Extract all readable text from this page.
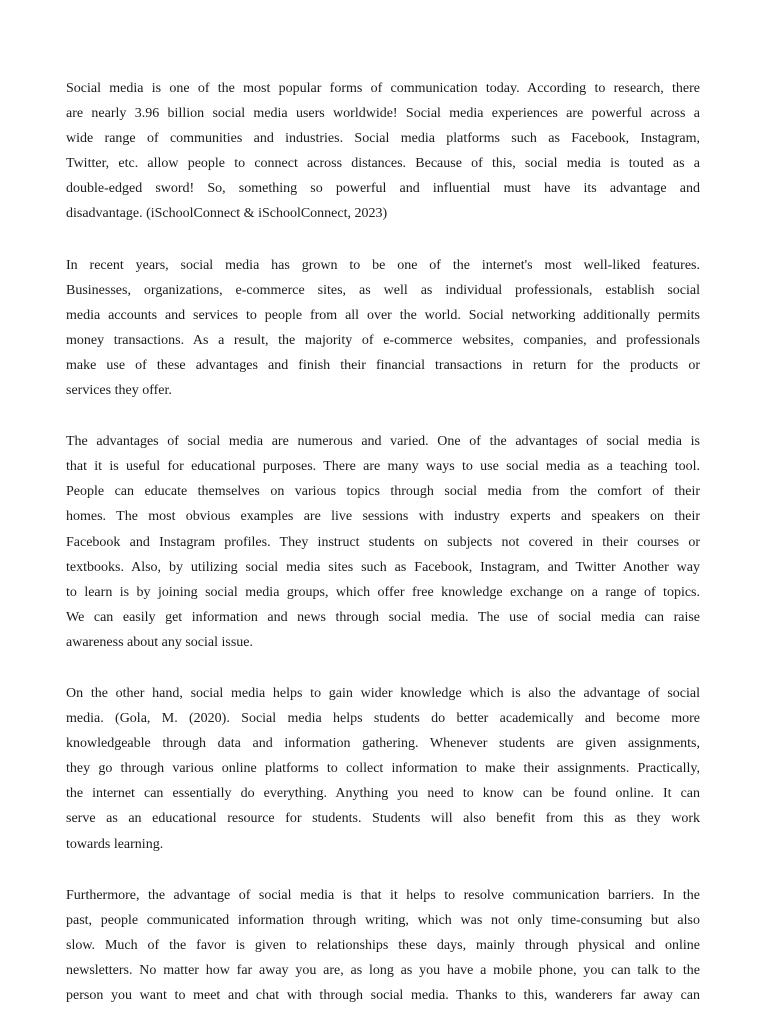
Social media is one of the most popular forms of communication today. According to research, there
are nearly 3.96 billion social media users worldwide! Social media experiences are powerful across a
wide range of communities and industries. Social media platforms such as Facebook, Instagram,
Twitter, etc. allow people to connect across distances. Because of this, social media is touted as a
double-edged sword! So, something so powerful and influential must have its advantage and
disadvantage. (iSchoolConnect & iSchoolConnect, 2023)

In recent years, social media has grown to be one of the internet's most well-liked features.
Businesses, organizations, e-commerce sites, as well as individual professionals, establish social
media accounts and services to people from all over the world. Social networking additionally permits
money transactions. As a result, the majority of e-commerce websites, companies, and professionals
make use of these advantages and finish their financial transactions in return for the products or
services they offer.

The advantages of social media are numerous and varied. One of the advantages of social media is
that it is useful for educational purposes. There are many ways to use social media as a teaching tool.
People can educate themselves on various topics through social media from the comfort of their
homes. The most obvious examples are live sessions with industry experts and speakers on their
Facebook and Instagram profiles. They instruct students on subjects not covered in their courses or
textbooks. Also, by utilizing social media sites such as Facebook, Instagram, and Twitter Another way
to learn is by joining social media groups, which offer free knowledge exchange on a range of topics.
We can easily get information and news through social media. The use of social media can raise
awareness about any social issue.

On the other hand, social media helps to gain wider knowledge which is also the advantage of social
media. (Gola, M. (2020). Social media helps students do better academically and become more
knowledgeable through data and information gathering. Whenever students are given assignments,
they go through various online platforms to collect information to make their assignments. Practically,
the internet can essentially do everything. Anything you need to know can be found online. It can
serve as an educational resource for students. Students will also benefit from this as they work
towards learning.

Furthermore, the advantage of social media is that it helps to resolve communication barriers. In the
past, people communicated information through writing, which was not only time-consuming but also
slow. Much of the favor is given to relationships these days, mainly through physical and online
newsletters. No matter how far away you are, as long as you have a mobile phone, you can talk to the
person you want to meet and chat with through social media. Thanks to this, wanderers far away can
